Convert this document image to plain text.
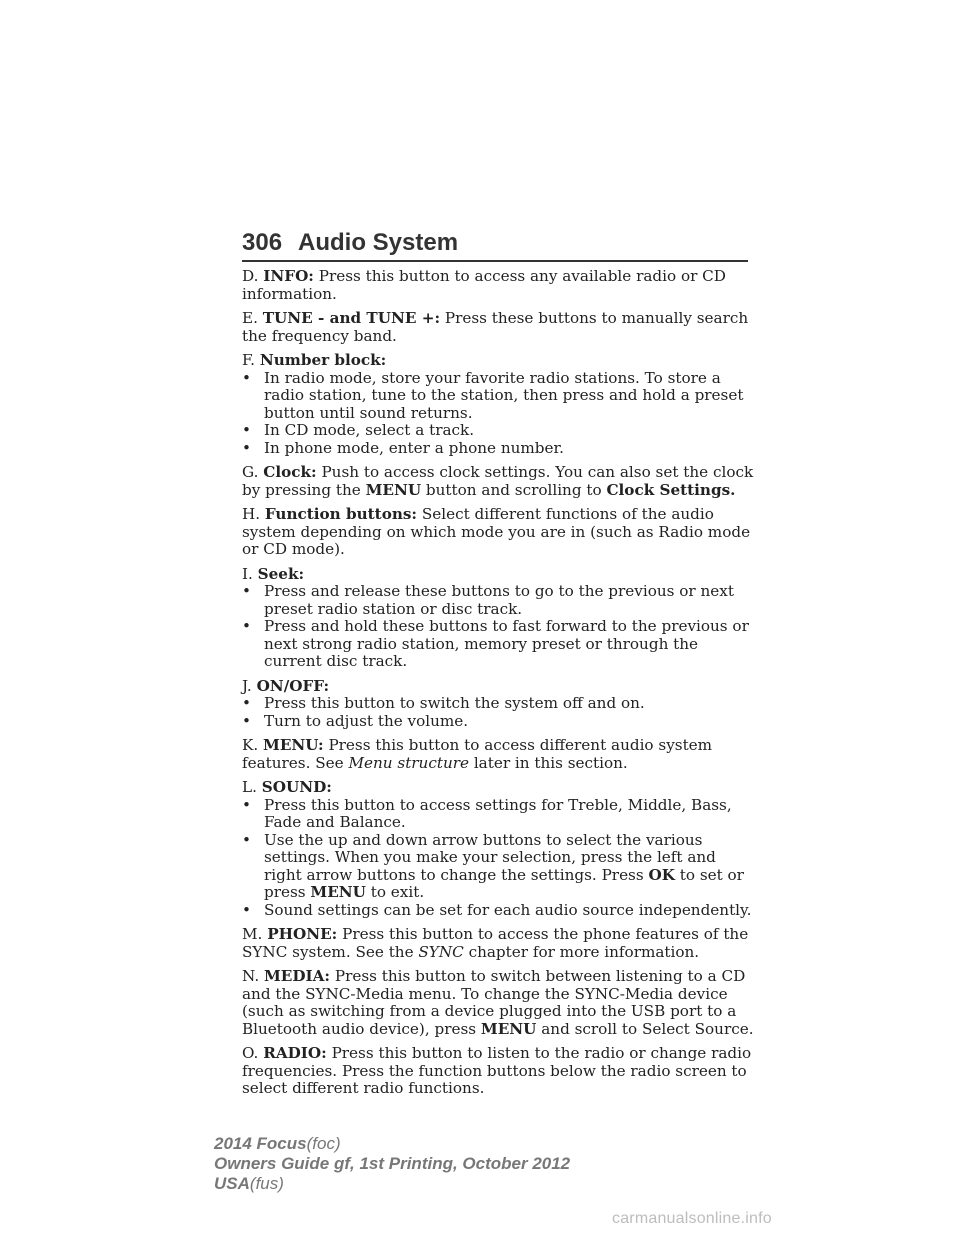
306 Audio System

D. INFO: Press this button to access any available radio or CD information.

E. TUNE - and TUNE +: Press these buttons to manually search the frequency band.

F. Number block:

• In radio mode, store your favorite radio stations. To store a radio station, tune to the station, then press and hold a preset button until sound returns.
• In CD mode, select a track.
• In phone mode, enter a phone number.

G. Clock: Push to access clock settings. You can also set the clock by pressing the MENU button and scrolling to Clock Settings.

H. Function buttons: Select different functions of the audio system depending on which mode you are in (such as Radio mode or CD mode).

I. Seek:

• Press and release these buttons to go to the previous or next preset radio station or disc track.
• Press and hold these buttons to fast forward to the previous or next strong radio station, memory preset or through the current disc track.

J. ON/OFF:

• Press this button to switch the system off and on.
• Turn to adjust the volume.

K. MENU: Press this button to access different audio system features. See Menu structure later in this section.

L. SOUND:

• Press this button to access settings for Treble, Middle, Bass, Fade and Balance.
• Use the up and down arrow buttons to select the various settings. When you make your selection, press the left and right arrow buttons to change the settings. Press OK to set or press MENU to exit.
• Sound settings can be set for each audio source independently.

M. PHONE: Press this button to access the phone features of the SYNC system. See the SYNC chapter for more information.

N. MEDIA: Press this button to switch between listening to a CD and the SYNC-Media menu. To change the SYNC-Media device (such as switching from a device plugged into the USB port to a Bluetooth audio device), press MENU and scroll to Select Source.

O. RADIO: Press this button to listen to the radio or change radio frequencies. Press the function buttons below the radio screen to select different radio functions.

2014 Focus(foc)
Owners Guide gf, 1st Printing, October 2012
USA(fus)
carmanualsonline.info
